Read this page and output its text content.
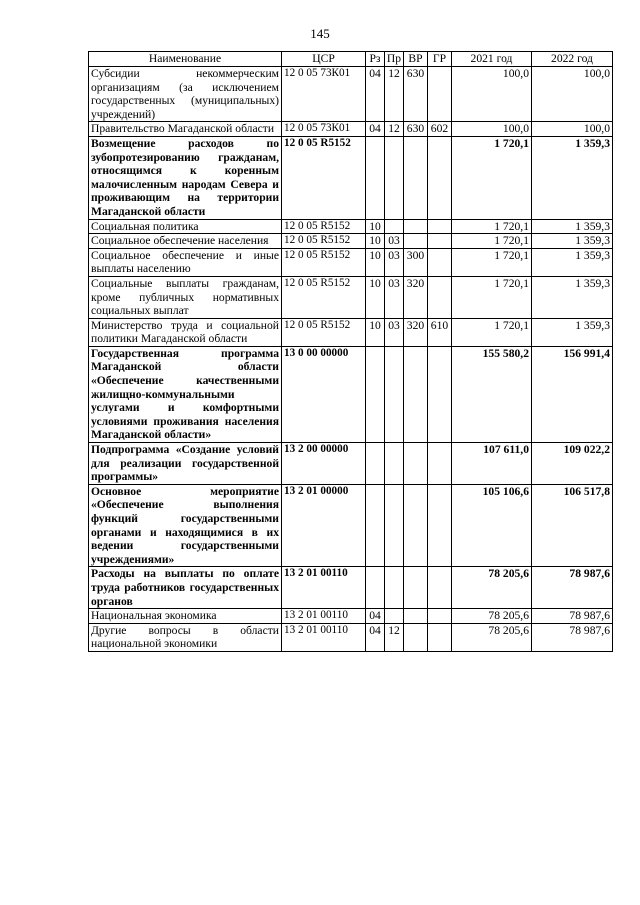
145
Наименование	ЦСР	Рз	Пр	ВР	ГР	2021 год	2022 год
Субсидии некоммерческим организациям (за исключением государственных (муниципальных) учреждений)	12 0 05 73К01	04	12	630		100,0	100,0
Правительство Магаданской области	12 0 05 73К01	04	12	630	602	100,0	100,0
Возмещение расходов по зубопротезированию гражданам, относящимся к коренным малочисленным народам Севера и проживающим на территории Магаданской области	12 0 05 R5152					1 720,1	1 359,3
Социальная политика	12 0 05 R5152	10				1 720,1	1 359,3
Социальное обеспечение населения	12 0 05 R5152	10	03			1 720,1	1 359,3
Социальное обеспечение и иные выплаты населению	12 0 05 R5152	10	03	300		1 720,1	1 359,3
Социальные выплаты гражданам, кроме публичных нормативных социальных выплат	12 0 05 R5152	10	03	320		1 720,1	1 359,3
Министерство труда и социальной политики Магаданской области	12 0 05 R5152	10	03	320	610	1 720,1	1 359,3
Государственная программа Магаданской области «Обеспечение качественными жилищно-коммунальными услугами и комфортными условиями проживания населения Магаданской области»	13 0 00 00000					155 580,2	156 991,4
Подпрограмма «Создание условий для реализации государственной программы»	13 2 00 00000					107 611,0	109 022,2
Основное мероприятие «Обеспечение выполнения функций государственными органами и находящимися в их ведении государственными учреждениями»	13 2 01 00000					105 106,6	106 517,8
Расходы на выплаты по оплате труда работников государственных органов	13 2 01 00110					78 205,6	78 987,6
Национальная экономика	13 2 01 00110	04				78 205,6	78 987,6
Другие вопросы в области национальной экономики	13 2 01 00110	04	12			78 205,6	78 987,6
